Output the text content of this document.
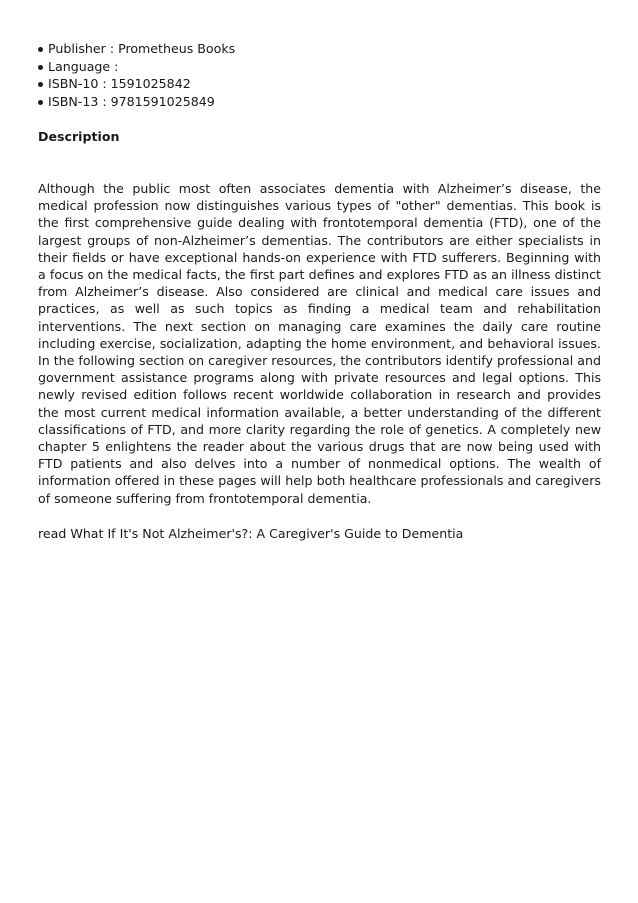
Publisher : Prometheus Books
Language :
ISBN-10 : 1591025842
ISBN-13 : 9781591025849
Description
Although the public most often associates dementia with Alzheimer’s disease, the medical profession now distinguishes various types of "other" dementias. This book is the first comprehensive guide dealing with frontotemporal dementia (FTD), one of the largest groups of non-Alzheimer’s dementias. The contributors are either specialists in their fields or have exceptional hands-on experience with FTD sufferers. Beginning with a focus on the medical facts, the first part defines and explores FTD as an illness distinct from Alzheimer’s disease. Also considered are clinical and medical care issues and practices, as well as such topics as finding a medical team and rehabilitation interventions. The next section on managing care examines the daily care routine including exercise, socialization, adapting the home environment, and behavioral issues. In the following section on caregiver resources, the contributors identify professional and government assistance programs along with private resources and legal options. This newly revised edition follows recent worldwide collaboration in research and provides the most current medical information available, a better understanding of the different classifications of FTD, and more clarity regarding the role of genetics. A completely new chapter 5 enlightens the reader about the various drugs that are now being used with FTD patients and also delves into a number of nonmedical options. The wealth of information offered in these pages will help both healthcare professionals and caregivers of someone suffering from frontotemporal dementia.
read What If It's Not Alzheimer's?: A Caregiver's Guide to Dementia
